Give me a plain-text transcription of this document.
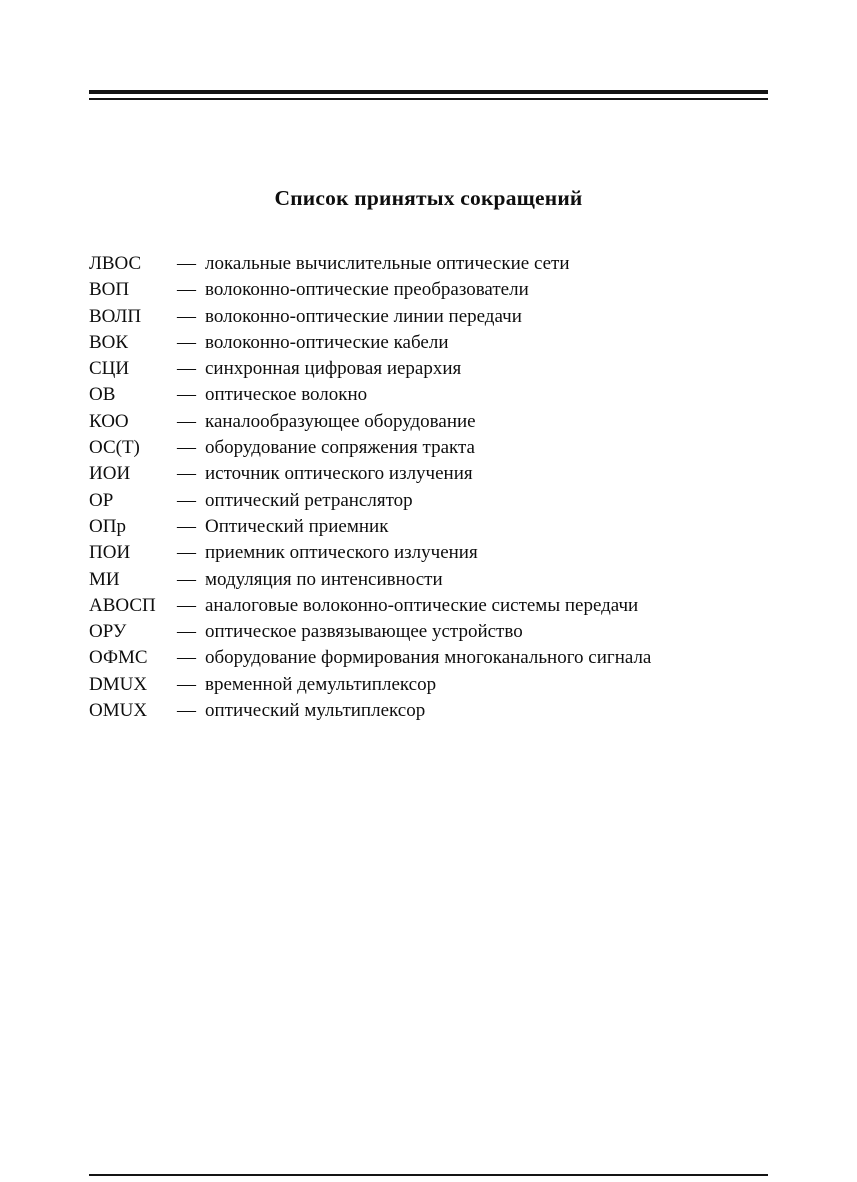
Список принятых сокращений
ЛВОС	— локальные вычислительные оптические сети
ВОП	— волоконно-оптические преобразователи
ВОЛП	— волоконно-оптические линии передачи
ВОК	— волоконно-оптические кабели
СЦИ	— синхронная цифровая иерархия
ОВ	— оптическое волокно
КОО	— каналообразующее оборудование
ОС(Т)	— оборудование сопряжения тракта
ИОИ	— источник оптического излучения
ОР	— оптический ретранслятор
ОПр	— Оптический приемник
ПОИ	— приемник оптического излучения
МИ	— модуляция по интенсивности
АВОСП	— аналоговые волоконно-оптические системы передачи
ОРУ	— оптическое развязывающее устройство
ОФМС	— оборудование формирования многоканального сигнала
DMUX	— временной демультиплексор
OMUX	— оптический мультиплексор
